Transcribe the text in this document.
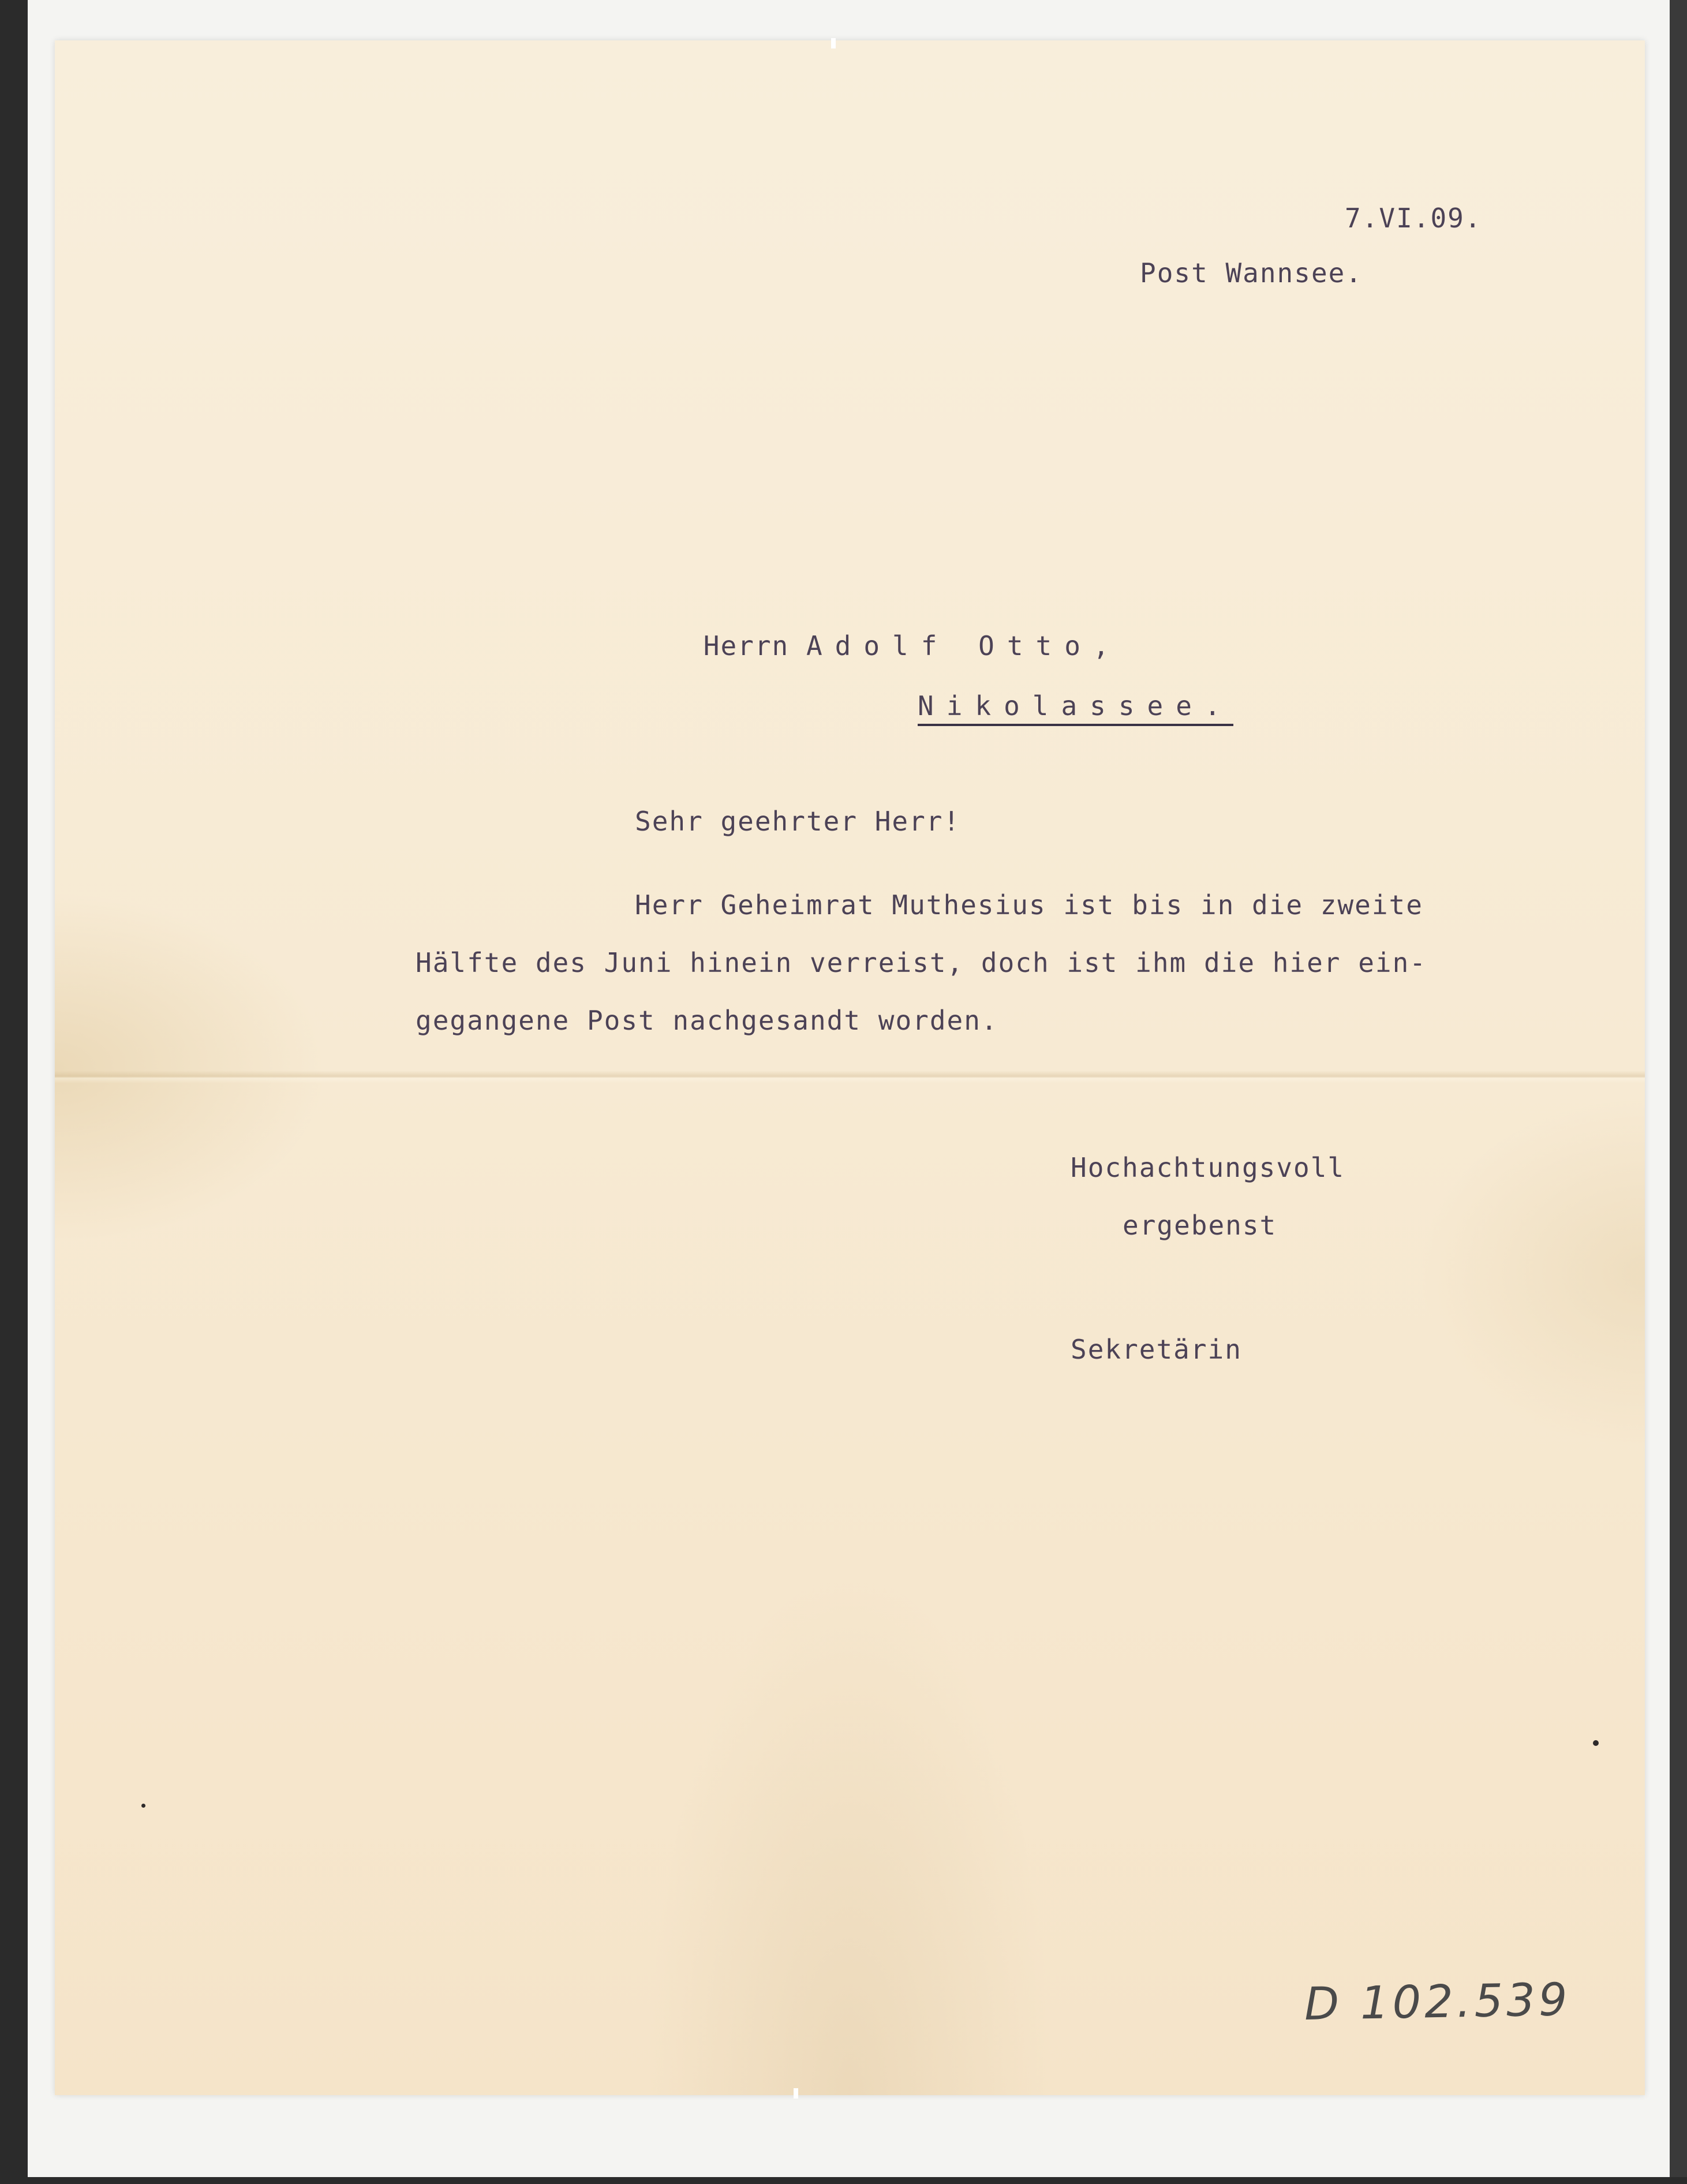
7.VI.09.
Post Wannsee.

Herrn Adolf Otto,

Nikolassee.
Sehr geehrter Herr!
Herr Geheimrat Muthesius ist bis in die zweite
Hälfte des Juni hinein verreist, doch ist ihm die hier ein-
gegangene Post nachgesandt worden.
Hochachtungsvoll
ergebenst
Sekretärin
D 102.539
